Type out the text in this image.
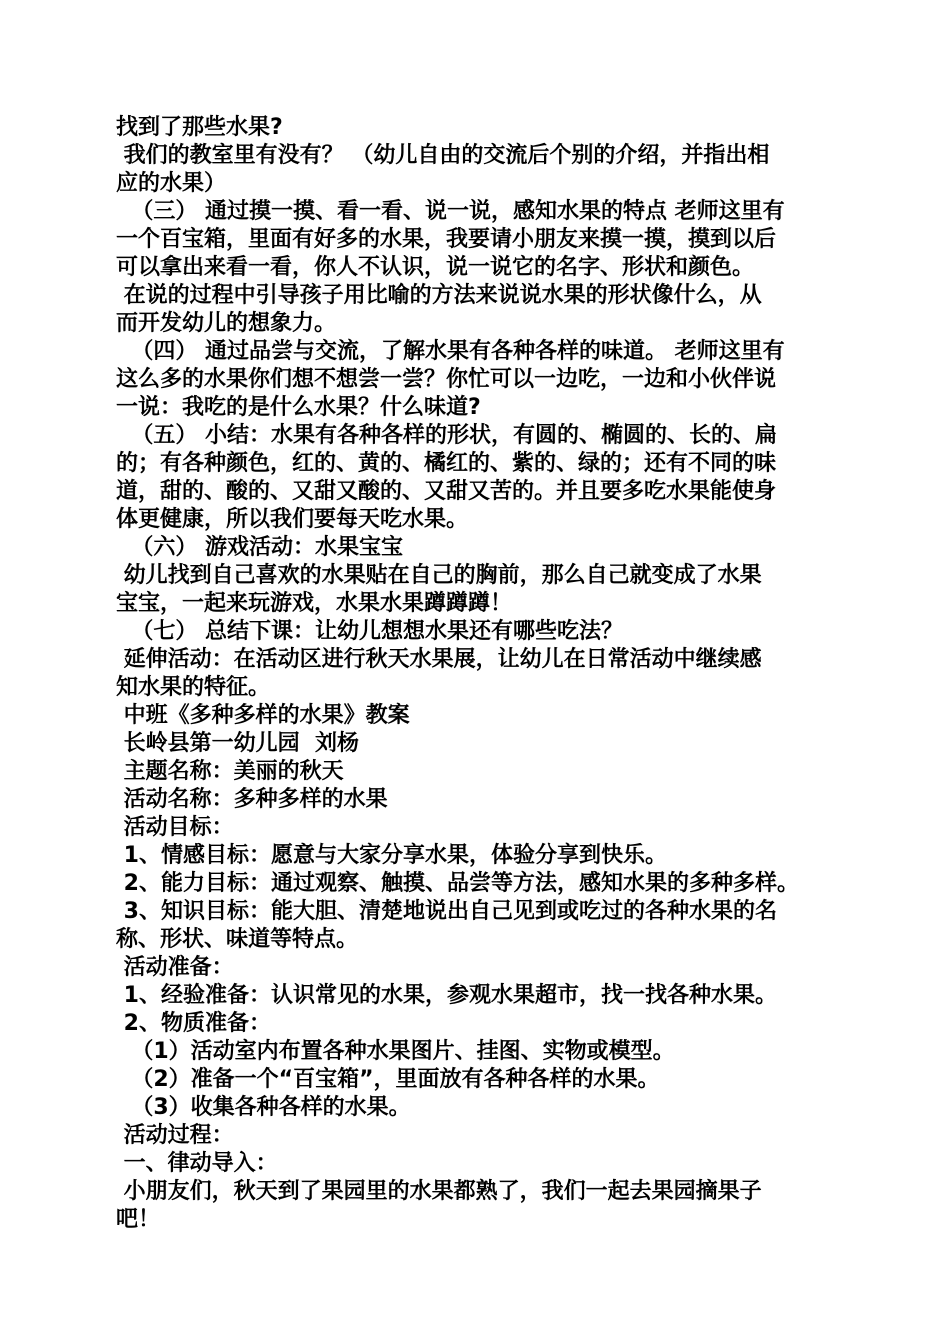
找到了那些水果?

我们的教室里有没有？ （幼儿自由的交流后个别的介绍，并指出相

应的水果）

（三） 通过摸一摸、看一看、说一说，感知水果的特点 老师这里有

一个百宝箱，里面有好多的水果，我要请小朋友来摸一摸，摸到以后

可以拿出来看一看，你人不认识，说一说它的名字、形状和颜色。

在说的过程中引导孩子用比喻的方法来说说水果的形状像什么，从

而开发幼儿的想象力。

（四） 通过品尝与交流，了解水果有各种各样的味道。 老师这里有

这么多的水果你们想不想尝一尝？你忙可以一边吃，一边和小伙伴说

一说：我吃的是什么水果？什么味道?

（五） 小结：水果有各种各样的形状，有圆的、椭圆的、长的、扁

的；有各种颜色，红的、黄的、橘红的、紫的、绿的；还有不同的味

道，甜的、酸的、又甜又酸的、又甜又苦的。并且要多吃水果能使身

体更健康，所以我们要每天吃水果。

（六） 游戏活动：水果宝宝

幼儿找到自己喜欢的水果贴在自己的胸前，那么自己就变成了水果

宝宝，一起来玩游戏，水果水果蹲蹲蹲！

（七） 总结下课：让幼儿想想水果还有哪些吃法？

延伸活动：在活动区进行秋天水果展，让幼儿在日常活动中继续感

知水果的特征。

中班《多种多样的水果》教案

长岭县第一幼儿园  刘杨

主题名称：美丽的秋天

活动名称：多种多样的水果

活动目标：

1、情感目标：愿意与大家分享水果，体验分享到快乐。

2、能力目标：通过观察、触摸、品尝等方法，感知水果的多种多样。

3、知识目标：能大胆、清楚地说出自己见到或吃过的各种水果的名

称、形状、味道等特点。

活动准备：

1、经验准备：认识常见的水果，参观水果超市，找一找各种水果。

2、物质准备：

（1）活动室内布置各种水果图片、挂图、实物或模型。

（2）准备一个“百宝箱”，里面放有各种各样的水果。

（3）收集各种各样的水果。

活动过程：

一、律动导入：

小朋友们，秋天到了果园里的水果都熟了，我们一起去果园摘果子

吧！
